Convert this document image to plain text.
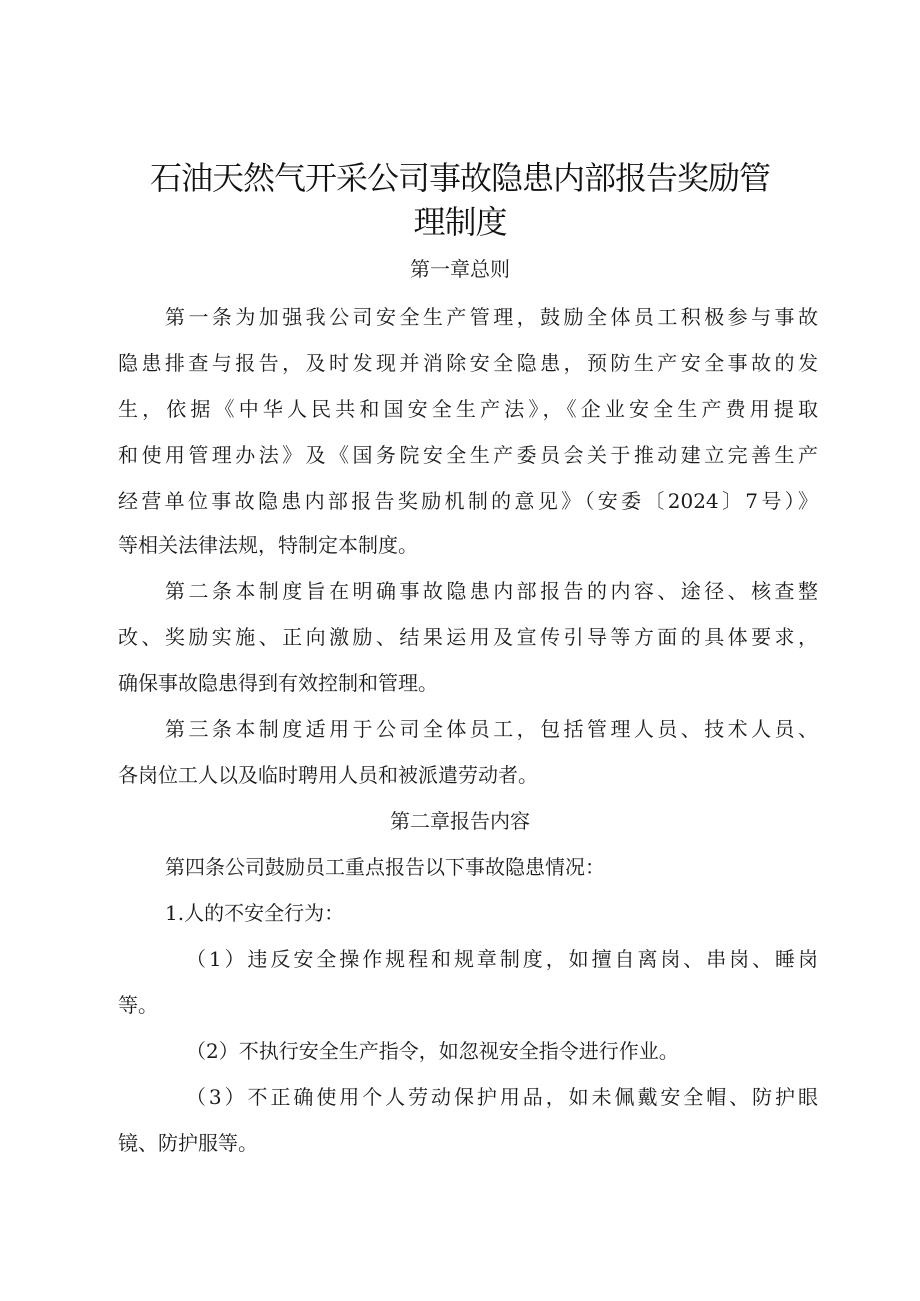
石油天然气开采公司事故隐患内部报告奖励管
理制度
第一章总则
第一条为加强我公司安全生产管理，鼓励全体员工积极参与事故
隐患排查与报告，及时发现并消除安全隐患，预防生产安全事故的发
生，依据《中华人民共和国安全生产法》，《企业安全生产费用提取
和使用管理办法》及《国务院安全生产委员会关于推动建立完善生产
经营单位事故隐患内部报告奖励机制的意见》（安委〔2024〕7号）》
等相关法律法规，特制定本制度。
第二条本制度旨在明确事故隐患内部报告的内容、途径、核查整
改、奖励实施、正向激励、结果运用及宣传引导等方面的具体要求，
确保事故隐患得到有效控制和管理。
第三条本制度适用于公司全体员工，包括管理人员、技术人员、
各岗位工人以及临时聘用人员和被派遣劳动者。
第二章报告内容
第四条公司鼓励员工重点报告以下事故隐患情况：
1.人的不安全行为：
（1）违反安全操作规程和规章制度，如擅自离岗、串岗、睡岗
等。
（2）不执行安全生产指令，如忽视安全指令进行作业。
（3）不正确使用个人劳动保护用品，如未佩戴安全帽、防护眼
镜、防护服等。
